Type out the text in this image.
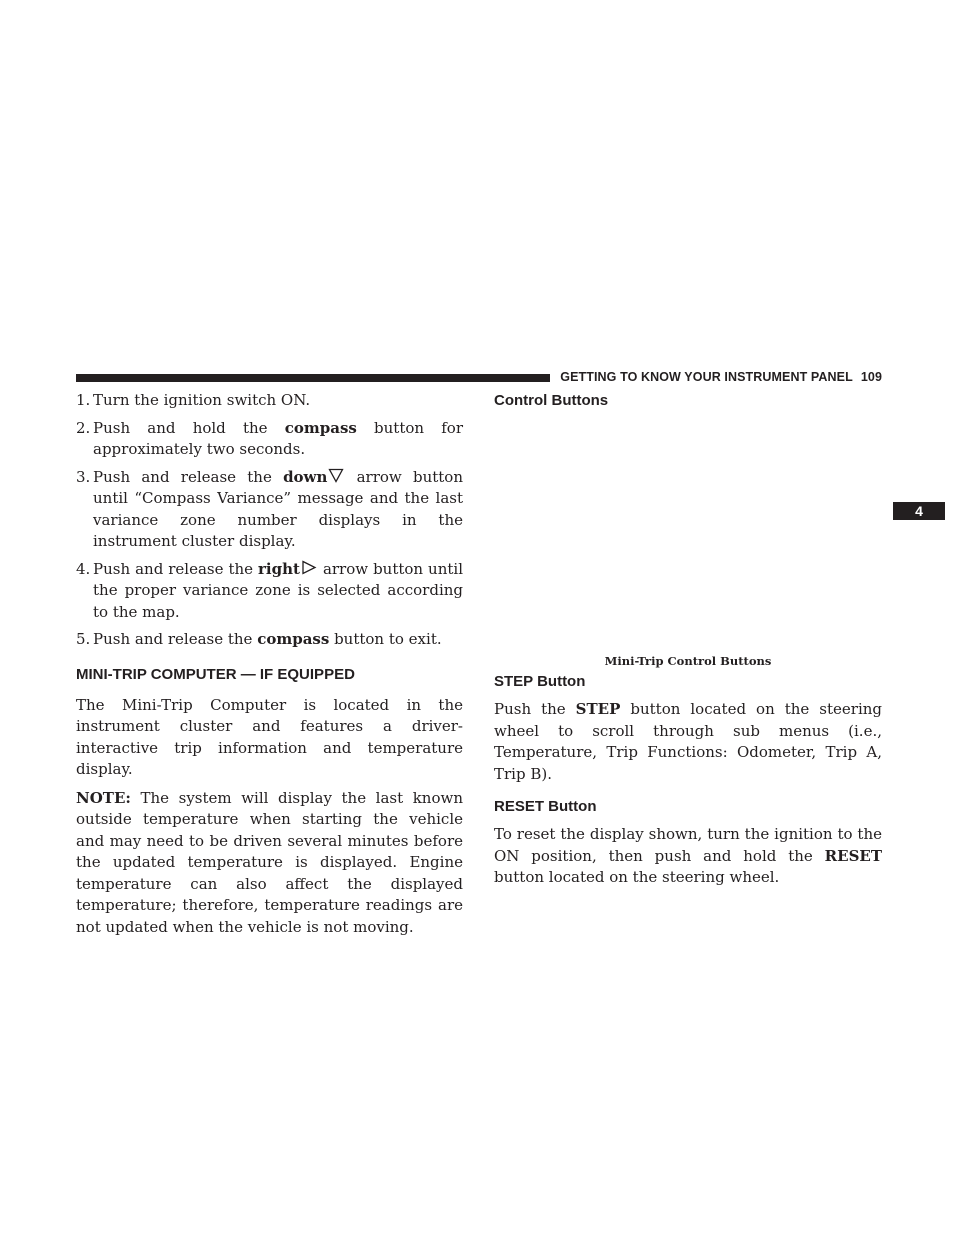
GETTING TO KNOW YOUR INSTRUMENT PANEL 109
4
1. Turn the ignition switch ON.
2. Push and hold the compass button for approximately two seconds.
3. Push and release the down arrow button until “Compass Variance” message and the last variance zone number displays in the instrument cluster display.
4. Push and release the right arrow button until the proper variance zone is selected according to the map.
5. Push and release the compass button to exit.
MINI-TRIP COMPUTER — IF EQUIPPED

The Mini-Trip Computer is located in the instrument cluster and features a driver-interactive trip information and temperature display.

NOTE: The system will display the last known outside temperature when starting the vehicle and may need to be driven several minutes before the updated temperature is displayed. Engine temperature can also affect the displayed temperature; therefore, temperature readings are not updated when the vehicle is not moving.

Control Buttons
Mini-Trip Control Buttons
STEP Button

Push the STEP button located on the steering wheel to scroll through sub menus (i.e., Temperature, Trip Functions: Odometer, Trip A, Trip B).

RESET Button

To reset the display shown, turn the ignition to the ON position, then push and hold the RESET button located on the steering wheel.
